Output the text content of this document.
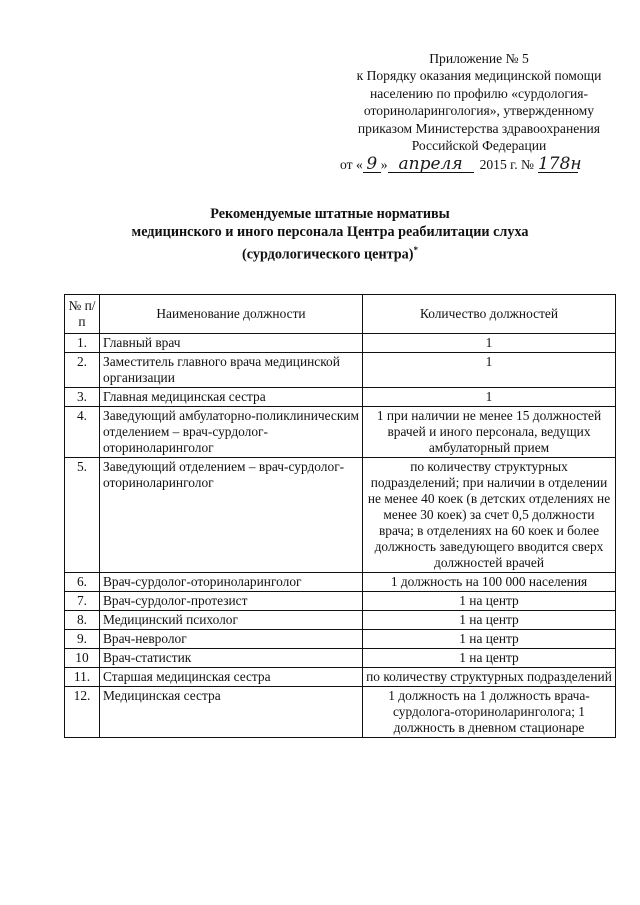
Приложение № 5
к Порядку оказания медицинской помощи
населению по профилю «сурдология-
оториноларингология», утвержденному
приказом Министерства здравоохранения
Российской Федерации
от « 9 » апреля 2015 г. № 178н
Рекомендуемые штатные нормативы
медицинского и иного персонала Центра реабилитации слуха
(сурдологического центра)*
№ п/п	Наименование должности	Количество должностей
1.	Главный врач	1
2.	Заместитель главного врача медицинской организации	1
3.	Главная медицинская сестра	1
4.	Заведующий амбулаторно-поликлиническим отделением – врач-сурдолог-оториноларинголог	1 при наличии не менее 15 должностей врачей и иного персонала, ведущих амбулаторный прием
5.	Заведующий отделением – врач-сурдолог-оториноларинголог	по количеству структурных подразделений; при наличии в отделении не менее 40 коек (в детских отделениях не менее 30 коек) за счет 0,5 должности врача; в отделениях на 60 коек и более должность заведующего вводится сверх должностей врачей
6.	Врач-сурдолог-оториноларинголог	1 должность на 100 000 населения
7.	Врач-сурдолог-протезист	1 на центр
8.	Медицинский психолог	1 на центр
9.	Врач-невролог	1 на центр
10	Врач-статистик	1 на центр
11.	Старшая медицинская сестра	по количеству структурных подразделений
12.	Медицинская сестра	1 должность на 1 должность врача-сурдолога-оториноларинголога; 1 должность в дневном стационаре
